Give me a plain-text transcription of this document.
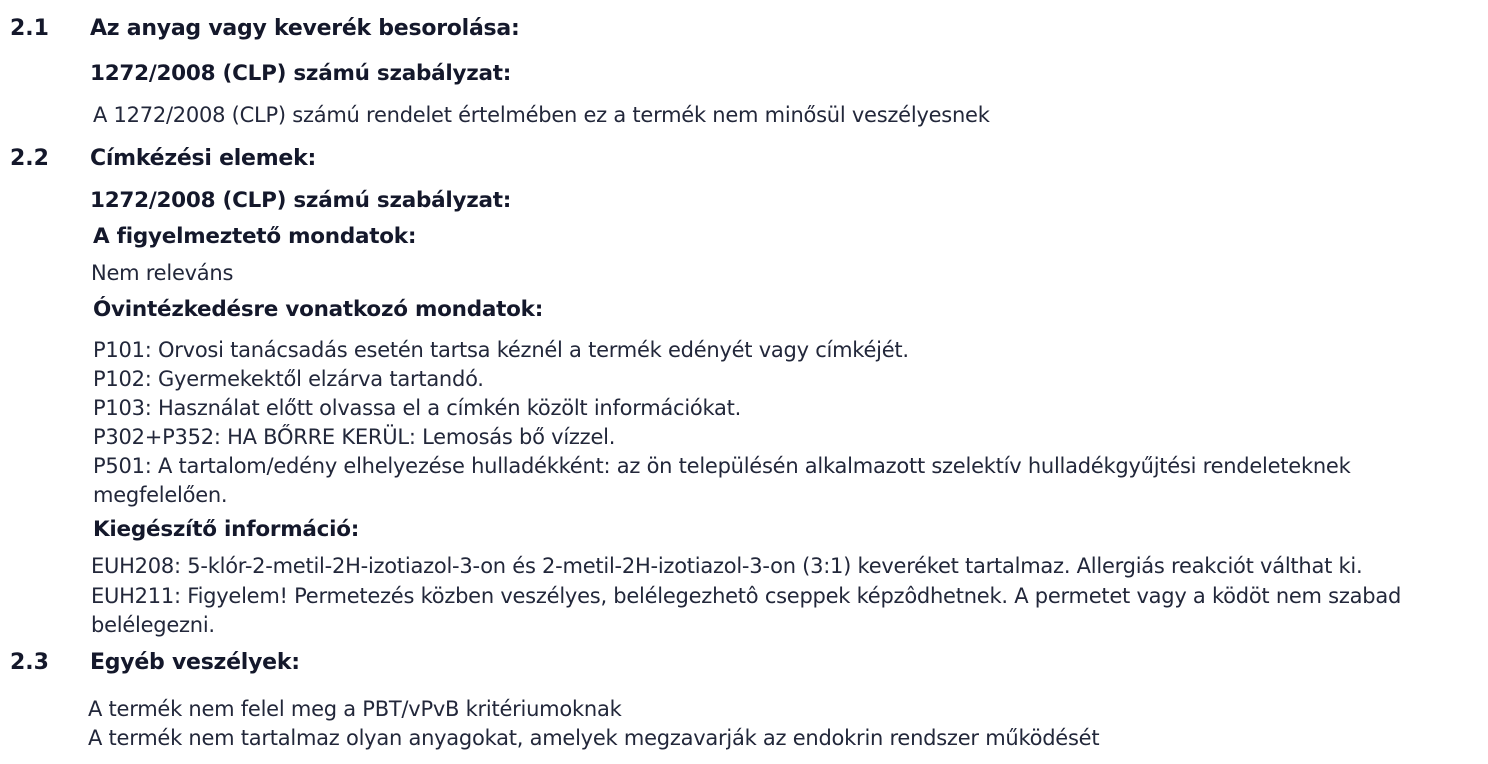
2.1 Az anyag vagy keverék besorolása:
1272/2008 (CLP) számú szabályzat:
A 1272/2008 (CLP) számú rendelet értelmében ez a termék nem minősül veszélyesnek
2.2 Címkézési elemek:
1272/2008 (CLP) számú szabályzat:
A figyelmeztető mondatok:
Nem releváns
Óvintézkedésre vonatkozó mondatok:
P101: Orvosi tanácsadás esetén tartsa kéznél a termék edényét vagy címkéjét.
P102: Gyermekektől elzárva tartandó.
P103: Használat előtt olvassa el a címkén közölt információkat.
P302+P352: HA BŐRRE KERÜL: Lemosás bő vízzel.
P501: A tartalom/edény elhelyezése hulladékként: az ön településén alkalmazott szelektív hulladékgyűjtési rendeleteknek
megfelelően.
Kiegészítő információ:
EUH208: 5-klór-2-metil-2H-izotiazol-3-on és 2-metil-2H-izotiazol-3-on (3:1) keveréket tartalmaz. Allergiás reakciót válthat ki.
EUH211: Figyelem! Permetezés közben veszélyes, belélegezhetô cseppek képzôdhetnek. A permetet vagy a ködöt nem szabad
belélegezni.
2.3 Egyéb veszélyek:
A termék nem felel meg a PBT/vPvB kritériumoknak
A termék nem tartalmaz olyan anyagokat, amelyek megzavarják az endokrin rendszer működését
